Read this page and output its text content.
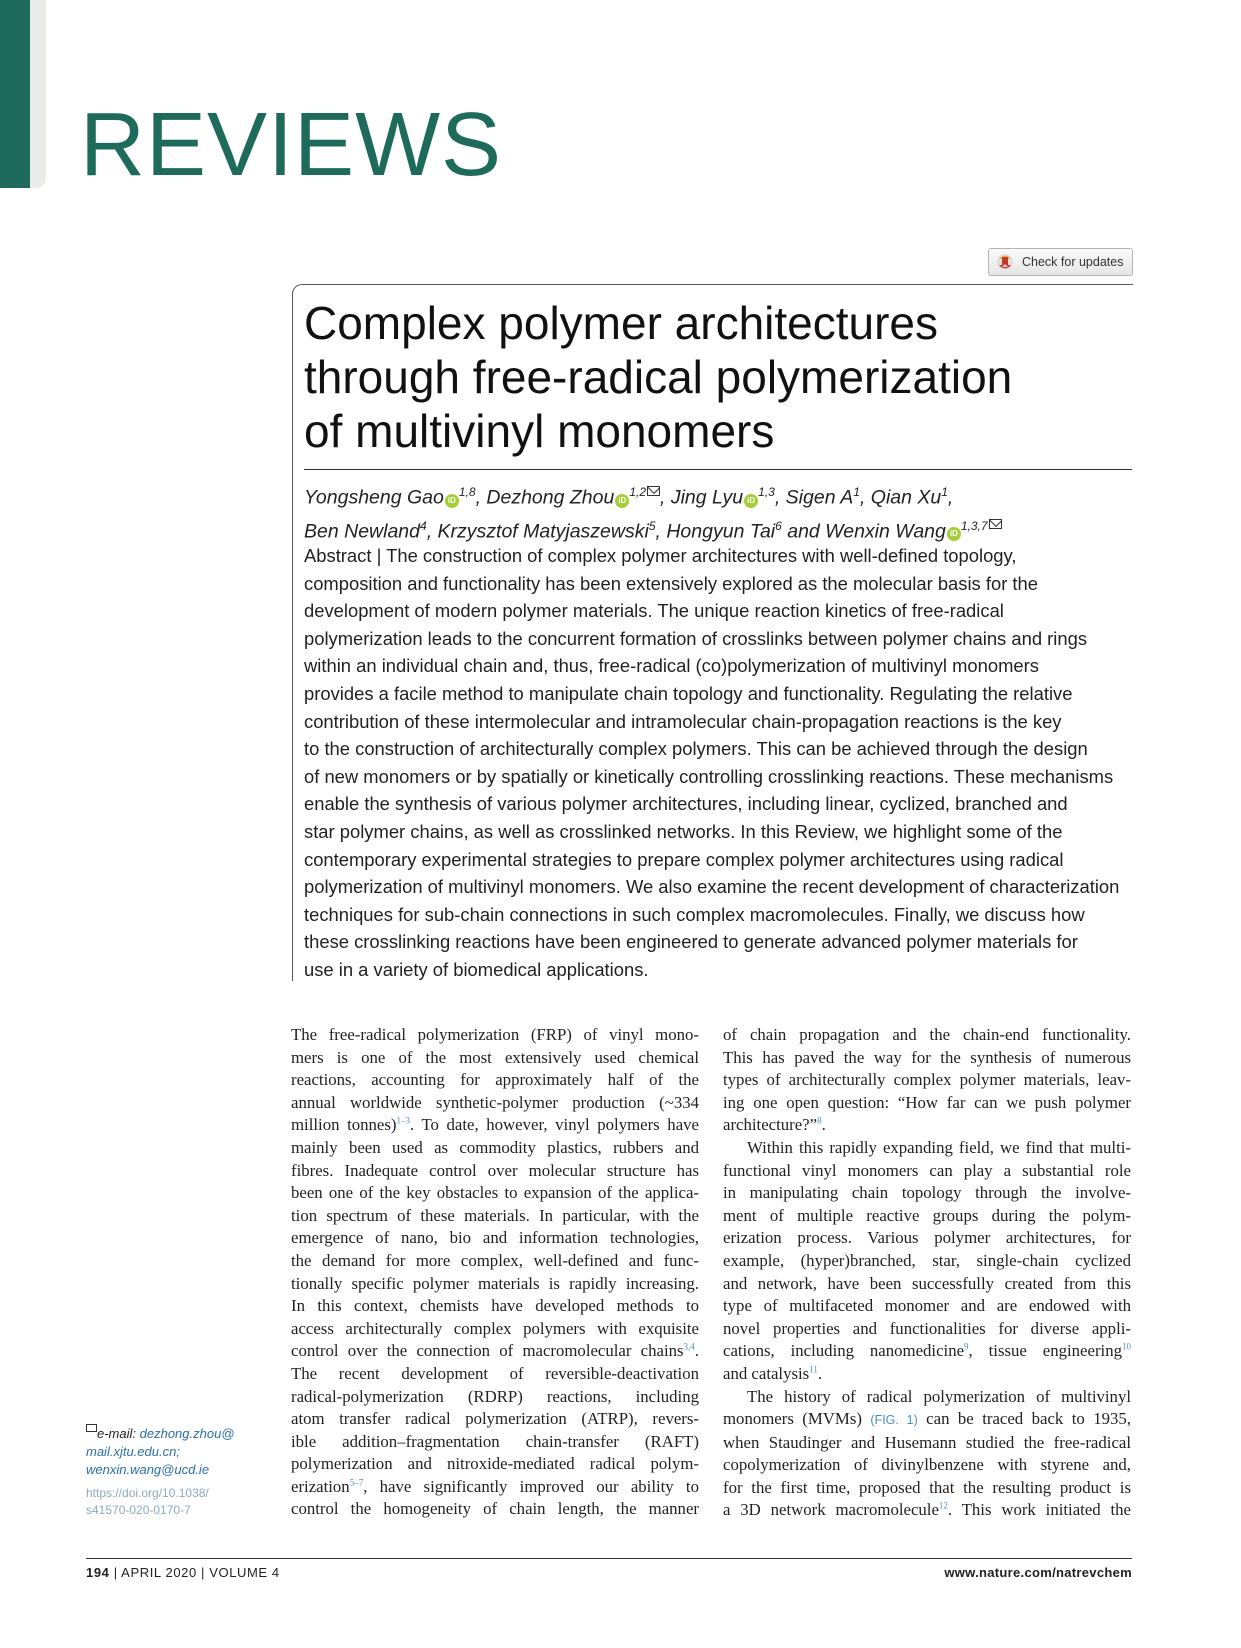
REVIEWS
Check for updates
Complex polymer architectures
through free-radical polymerization
of multivinyl monomers
Yongsheng Gao iD$^{1,8}$, Dezhong Zhou iD$^{1,2}$ , Jing Lyu iD$^{1,3}$, Sigen $A^1$, Qian Xu$^1$,
Ben Newland$^4$, Krzysztof Matyjaszewski$^5$, Hongyun Tai$^6$ and Wenxin Wang iD$^{1,3,7}$
Abstract | The construction of complex polymer architectures with well-defined topology,
composition and functionality has been extensively explored as the molecular basis for the
development of modern polymer materials. The unique reaction kinetics of free-radical
polymerization leads to the concurrent formation of crosslinks between polymer chains and rings
within an individual chain and, thus, free-radical (co)polymerization of multivinyl monomers
provides a facile method to manipulate chain topology and functionality. Regulating the relative
contribution of these intermolecular and intramolecular chain-propagation reactions is the key
to the construction of architecturally complex polymers. This can be achieved through the design
of new monomers or by spatially or kinetically controlling crosslinking reactions. These mechanisms
enable the synthesis of various polymer architectures, including linear, cyclized, branched and
star polymer chains, as well as crosslinked networks. In this Review, we highlight some of the
contemporary experimental strategies to prepare complex polymer architectures using radical
polymerization of multivinyl monomers. We also examine the recent development of characterization
techniques for sub-chain connections in such complex macromolecules. Finally, we discuss how
these crosslinking reactions have been engineered to generate advanced polymer materials for
use in a variety of biomedical applications.
The free-radical polymerization (FRP) of vinyl mono-
mers is one of the most extensively used chemical
reactions, accounting for approximately half of the
annual worldwide synthetic-polymer production (~334
million tonnes)$^{1-3}$. To date, however, vinyl polymers have
mainly been used as commodity plastics, rubbers and
fibres. Inadequate control over molecular structure has
been one of the key obstacles to expansion of the applica-
tion spectrum of these materials. In particular, with the
emergence of nano, bio and information technologies,
the demand for more complex, well-defined and func-
tionally specific polymer materials is rapidly increasing.
In this context, chemists have developed methods to
access architecturally complex polymers with exquisite
control over the connection of macromolecular chains$^{3,4}$.
The recent development of reversible-deactivation
radical-polymerization (RDRP) reactions, including
atom transfer radical polymerization (ATRP), revers-
ible addition–fragmentation chain-transfer (RAFT)
polymerization and nitroxide-mediated radical polym-
erization$^{5-7}$, have significantly improved our ability to
control the homogeneity of chain length, the manner
of chain propagation and the chain-end functionality.
This has paved the way for the synthesis of numerous
types of architecturally complex polymer materials, leav-
ing one open question: “How far can we push polymer
architecture?”$^8$.
Within this rapidly expanding field, we find that multi-
functional vinyl monomers can play a substantial role
in manipulating chain topology through the involve-
ment of multiple reactive groups during the polym-
erization process. Various polymer architectures, for
example, (hyper)branched, star, single-chain cyclized
and network, have been successfully created from this
type of multifaceted monomer and are endowed with
novel properties and functionalities for diverse appli-
cations, including nanomedicine$^9$, tissue engineering$^{10}$
and catalysis$^{11}$.
The history of radical polymerization of multivinyl
monomers (MVMs) (FIG. 1) can be traced back to 1935,
when Staudinger and Husemann studied the free-radical
copolymerization of divinylbenzene with styrene and,
for the first time, proposed that the resulting product is
a 3D network macromolecule$^{12}$. This work initiated the
e-mail: dezhong.zhou@
mail.xjtu.edu.cn;
wenxin.wang@ucd.ie
https://doi.org/10.1038/
s41570-020-0170-7
194 | APRIL 2020 | VOLUME 4	www.nature.com/natrevchem
